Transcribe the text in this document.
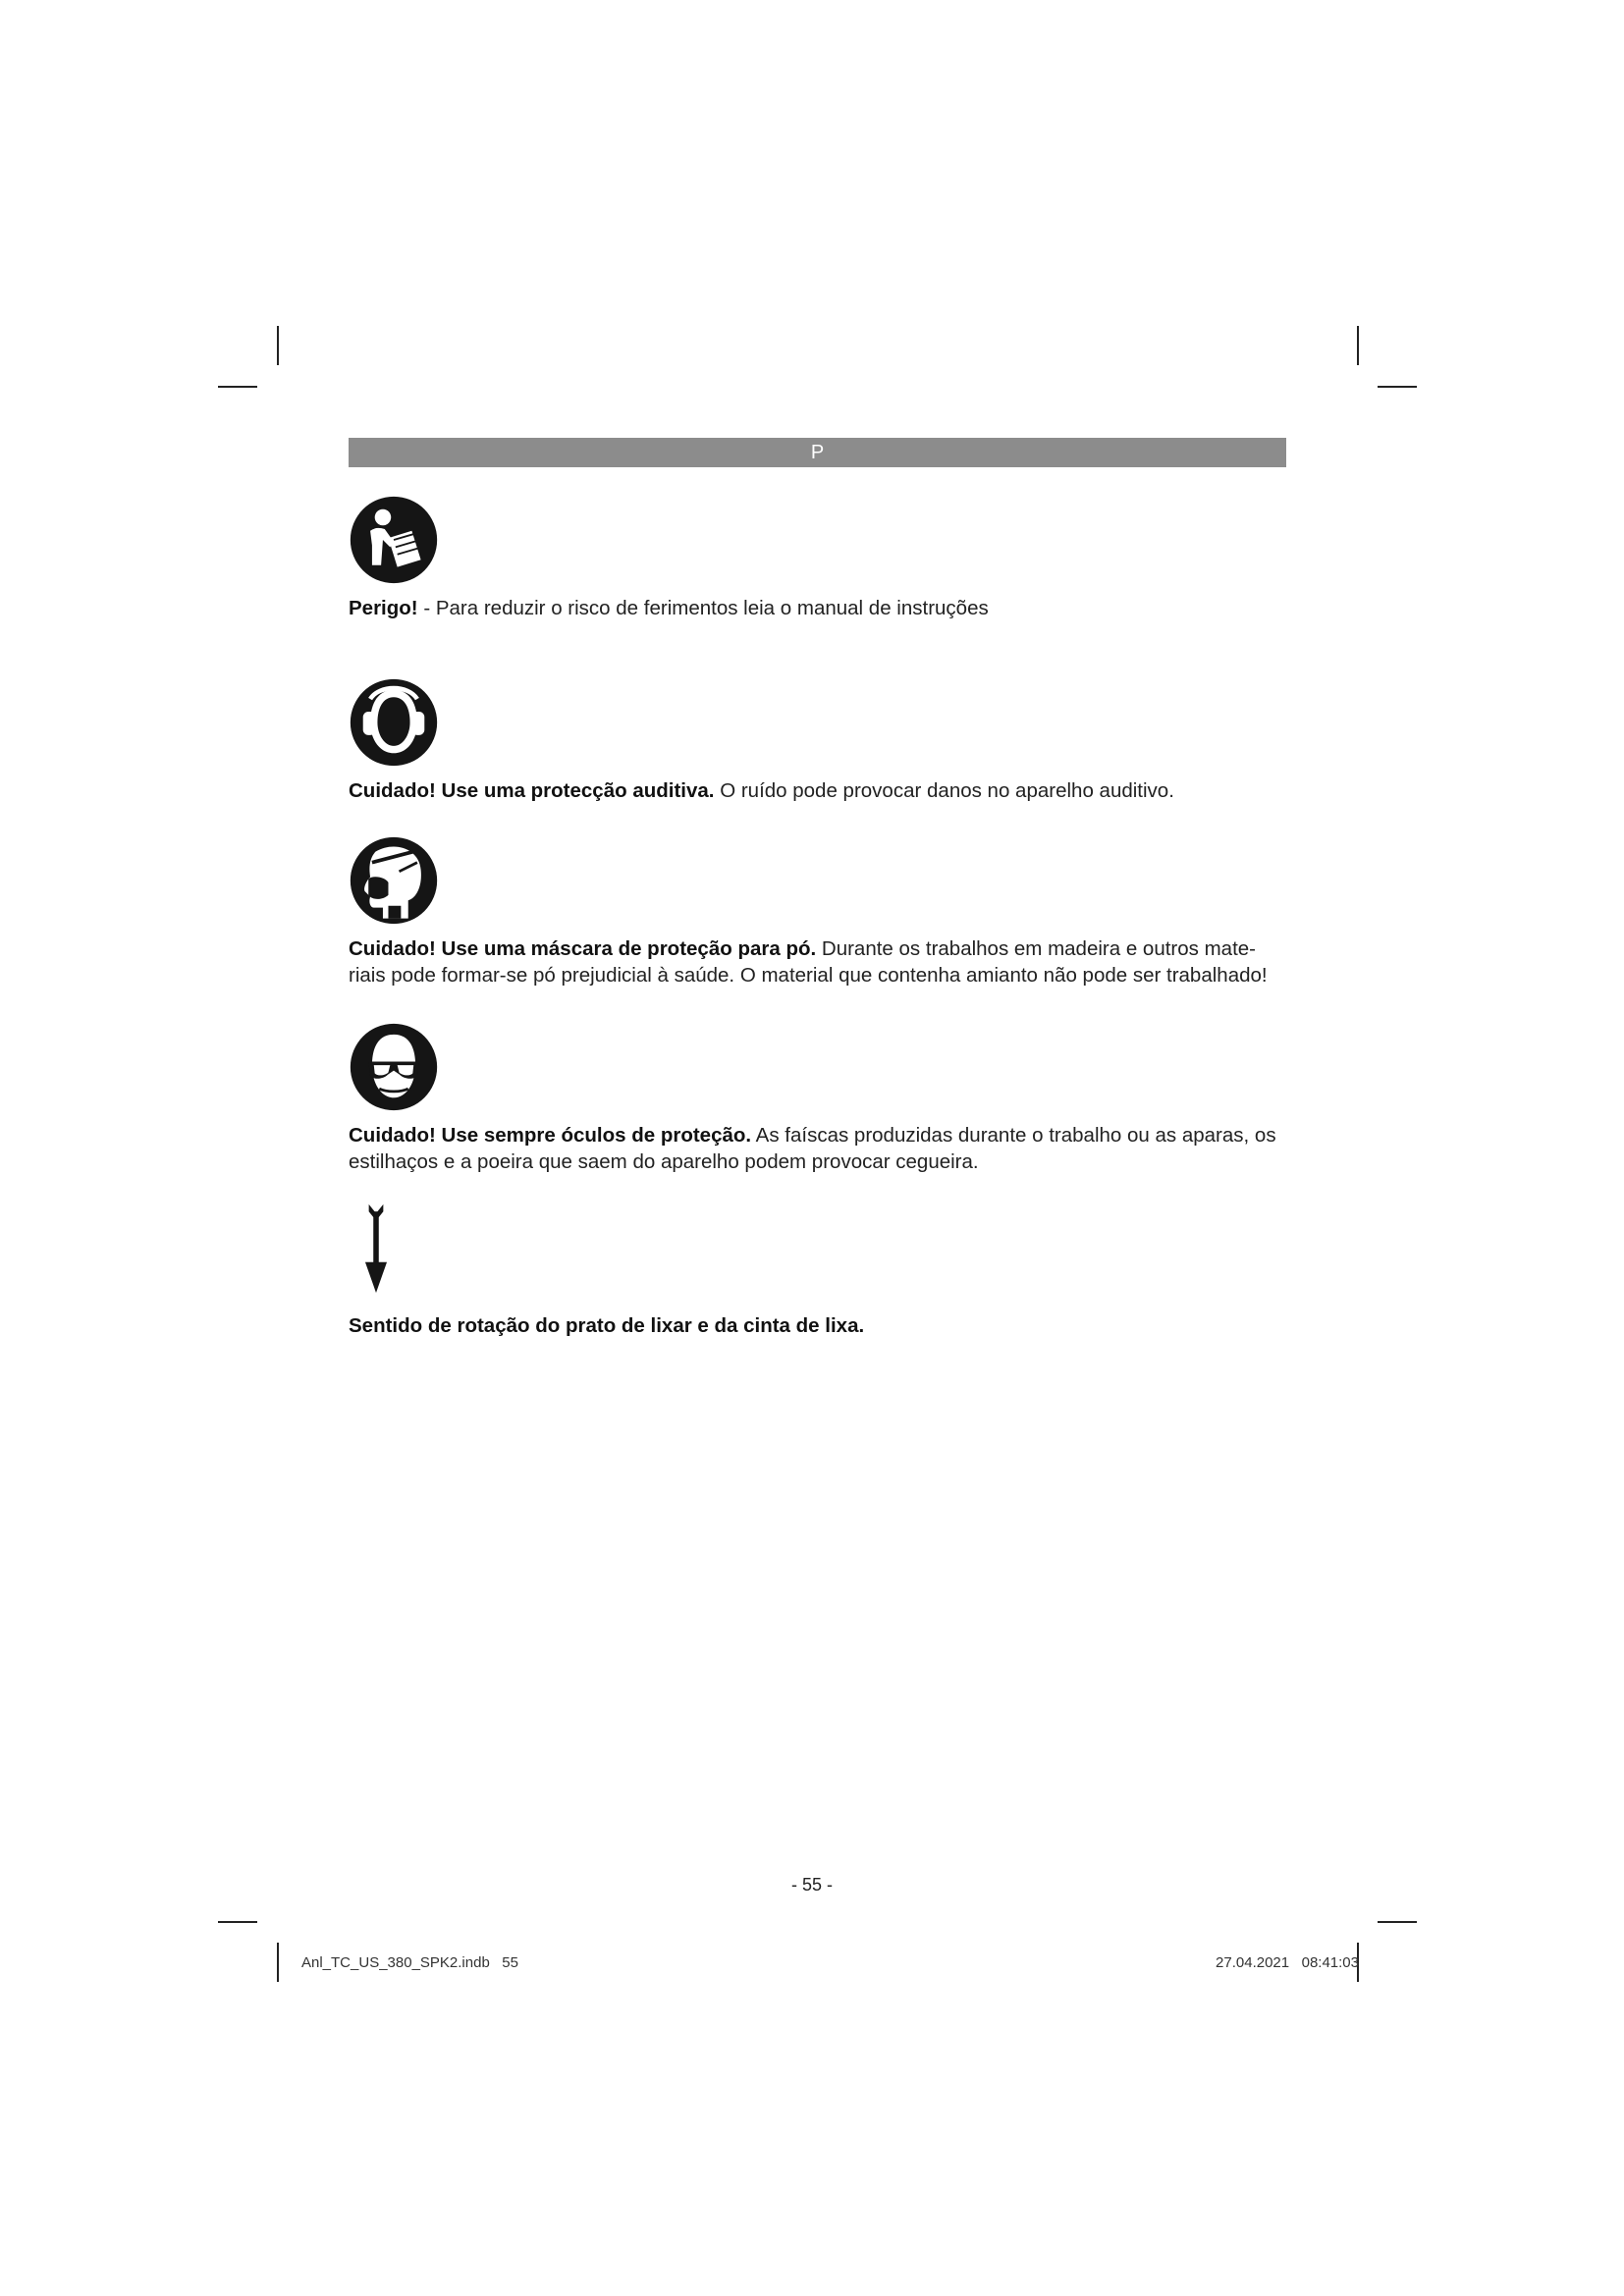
P

Perigo! - Para reduzir o risco de ferimentos leia o manual de instruções

Cuidado! Use uma protecção auditiva. O ruído pode provocar danos no aparelho auditivo.

Cuidado! Use uma máscara de proteção para pó. Durante os trabalhos em madeira e outros mate-riais pode formar-se pó prejudicial à saúde. O material que contenha amianto não pode ser trabalhado!

Cuidado! Use sempre óculos de proteção. As faíscas produzidas durante o trabalho ou as aparas, os estilhaços e a poeira que saem do aparelho podem provocar cegueira.

Sentido de rotação do prato de lixar e da cinta de lixa.

- 55 -
Anl_TC_US_380_SPK2.indb   55	27.04.2021   08:41:03
